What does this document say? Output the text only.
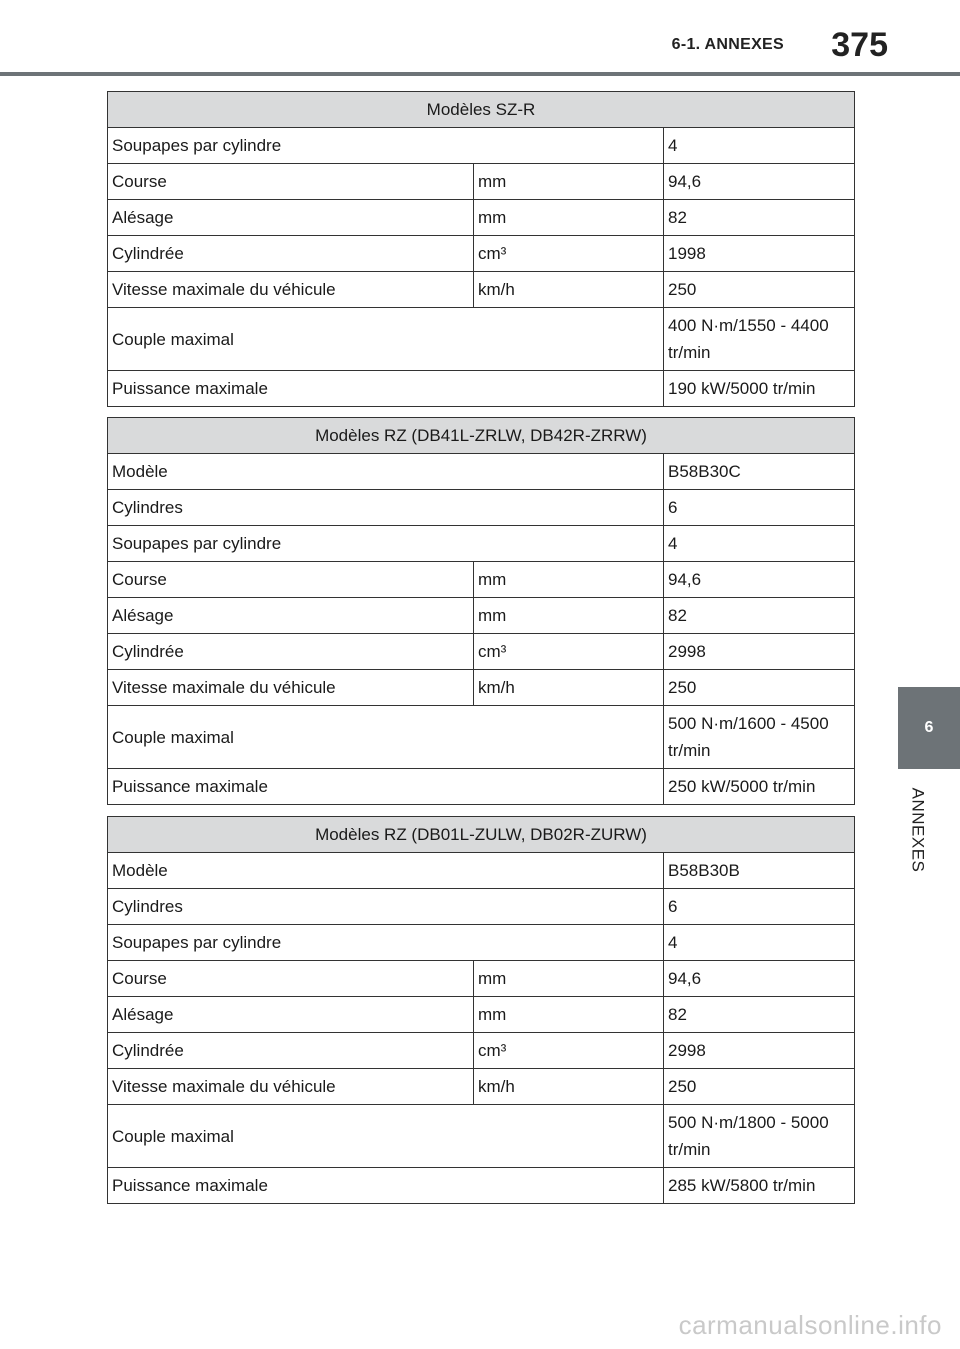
6-1. ANNEXES 375
6
ANNEXES
Modèles SZ-R		
Soupapes par cylindre		4
Course	mm	94,6
Alésage	mm	82
Cylindrée	cm³	1998
Vitesse maximale du véhicule	km/h	250
Couple maximal		400 N·m/1550 - 4400
tr/min

Puissance maximale		190 kW/5000 tr/min
Modèles RZ (DB41L-ZRLW, DB42R-ZRRW)		
Modèle		B58B30C
Cylindres		6
Soupapes par cylindre		4
Course	mm	94,6
Alésage	mm	82
Cylindrée	cm³	2998
Vitesse maximale du véhicule	km/h	250
Couple maximal		500 N·m/1600 - 4500
tr/min

Puissance maximale		250 kW/5000 tr/min
Modèles RZ (DB01L-ZULW, DB02R-ZURW)		
Modèle		B58B30B
Cylindres		6
Soupapes par cylindre		4
Course	mm	94,6
Alésage	mm	82
Cylindrée	cm³	2998
Vitesse maximale du véhicule	km/h	250
Couple maximal		500 N·m/1800 - 5000
tr/min

Puissance maximale		285 kW/5800 tr/min
carmanualsonline.info
